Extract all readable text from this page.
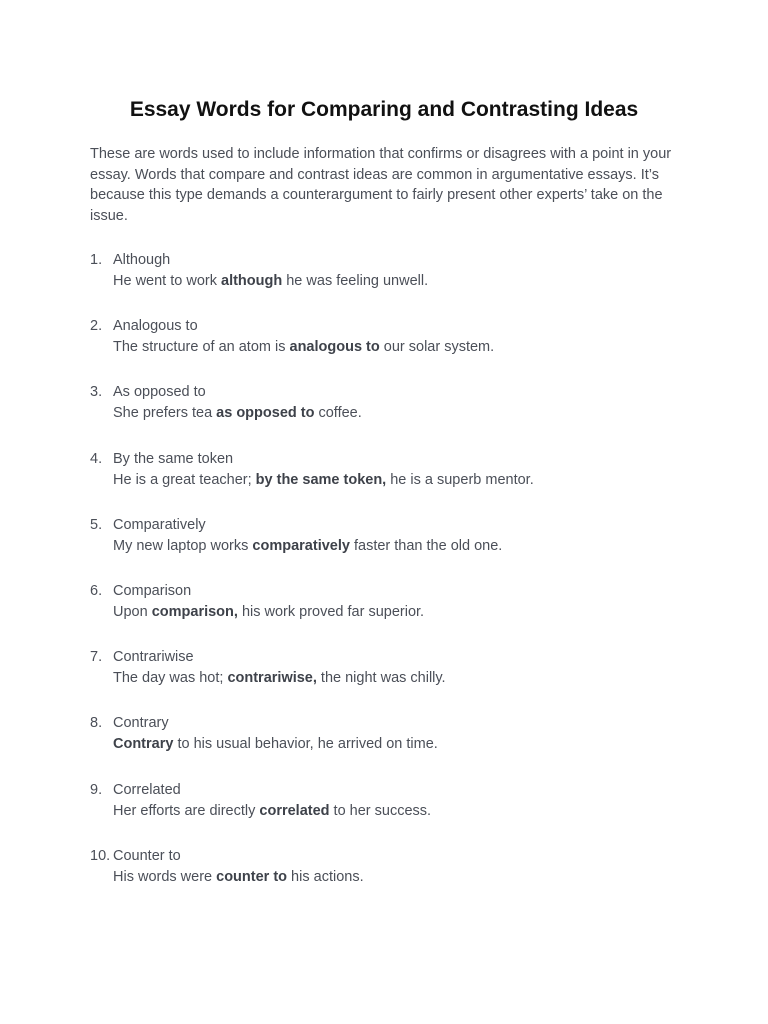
Essay Words for Comparing and Contrasting Ideas

These are words used to include information that confirms or disagrees with a point in your essay. Words that compare and contrast ideas are common in argumentative essays. It’s because this type demands a counterargument to fairly present other experts’ take on the issue.

1. Although
He went to work although he was feeling unwell.
2. Analogous to
The structure of an atom is analogous to our solar system.
3. As opposed to
She prefers tea as opposed to coffee.
4. By the same token
He is a great teacher; by the same token, he is a superb mentor.
5. Comparatively
My new laptop works comparatively faster than the old one.
6. Comparison
Upon comparison, his work proved far superior.
7. Contrariwise
The day was hot; contrariwise, the night was chilly.
8. Contrary
Contrary to his usual behavior, he arrived on time.
9. Correlated
Her efforts are directly correlated to her success.
10. Counter to
His words were counter to his actions.
